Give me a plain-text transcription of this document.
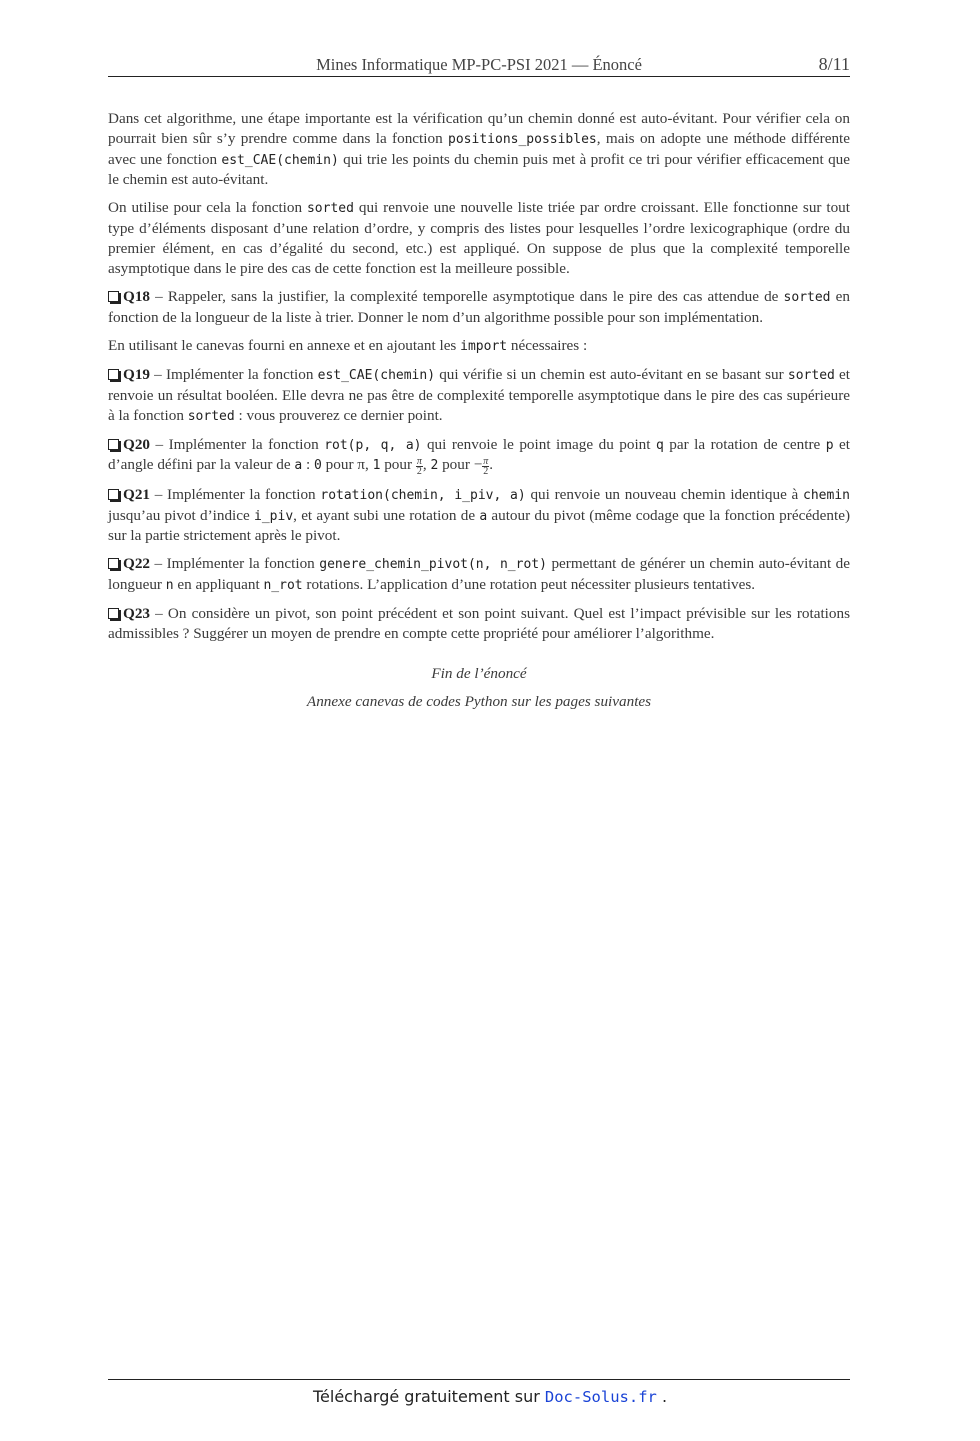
Mines Informatique MP-PC-PSI 2021 — Énoncé	8/11

Dans cet algorithme, une étape importante est la vérification qu’un chemin donné est auto-évitant. Pour vérifier cela on pourrait bien sûr s’y prendre comme dans la fonction positions_possibles, mais on adopte une méthode différente avec une fonction est_CAE(chemin) qui trie les points du chemin puis met à profit ce tri pour vérifier efficacement que le chemin est auto-évitant.

On utilise pour cela la fonction sorted qui renvoie une nouvelle liste triée par ordre croissant. Elle fonctionne sur tout type d’éléments disposant d’une relation d’ordre, y compris des listes pour lesquelles l’ordre lexicographique (ordre du premier élément, en cas d’égalité du second, etc.) est appliqué. On suppose de plus que la complexité temporelle asymptotique dans le pire des cas de cette fonction est la meilleure possible.

Q18 – Rappeler, sans la justifier, la complexité temporelle asymptotique dans le pire des cas attendue de sorted en fonction de la longueur de la liste à trier. Donner le nom d’un algorithme possible pour son implémentation.

En utilisant le canevas fourni en annexe et en ajoutant les import nécessaires :

Q19 – Implémenter la fonction est_CAE(chemin) qui vérifie si un chemin est auto-évitant en se basant sur sorted et renvoie un résultat booléen. Elle devra ne pas être de complexité temporelle asymptotique dans le pire des cas supérieure à la fonction sorted : vous prouverez ce dernier point.

Q20 – Implémenter la fonction rot(p, q, a) qui renvoie le point image du point q par la rotation de centre p et d’angle défini par la valeur de a : 0 pour π, 1 pour $\frac{\pi}{2}$ , 2 pour − $\frac{\pi}{2}$ .

Q21 – Implémenter la fonction rotation(chemin, i_piv, a) qui renvoie un nouveau chemin identique à chemin jusqu’au pivot d’indice i_piv, et ayant subi une rotation de a autour du pivot (même codage que la fonction précédente) sur la partie strictement après le pivot.

Q22 – Implémenter la fonction genere_chemin_pivot(n, n_rot) permettant de générer un chemin auto-évitant de longueur n en appliquant n_rot rotations. L’application d’une rotation peut nécessiter plusieurs tentatives.

Q23 – On considère un pivot, son point précédent et son point suivant. Quel est l’impact prévisible sur les rotations admissibles ? Suggérer un moyen de prendre en compte cette propriété pour améliorer l’algorithme.

Fin de l’énoncé

Annexe canevas de codes Python sur les pages suivantes

Téléchargé gratuitement sur Doc-Solus.fr .
